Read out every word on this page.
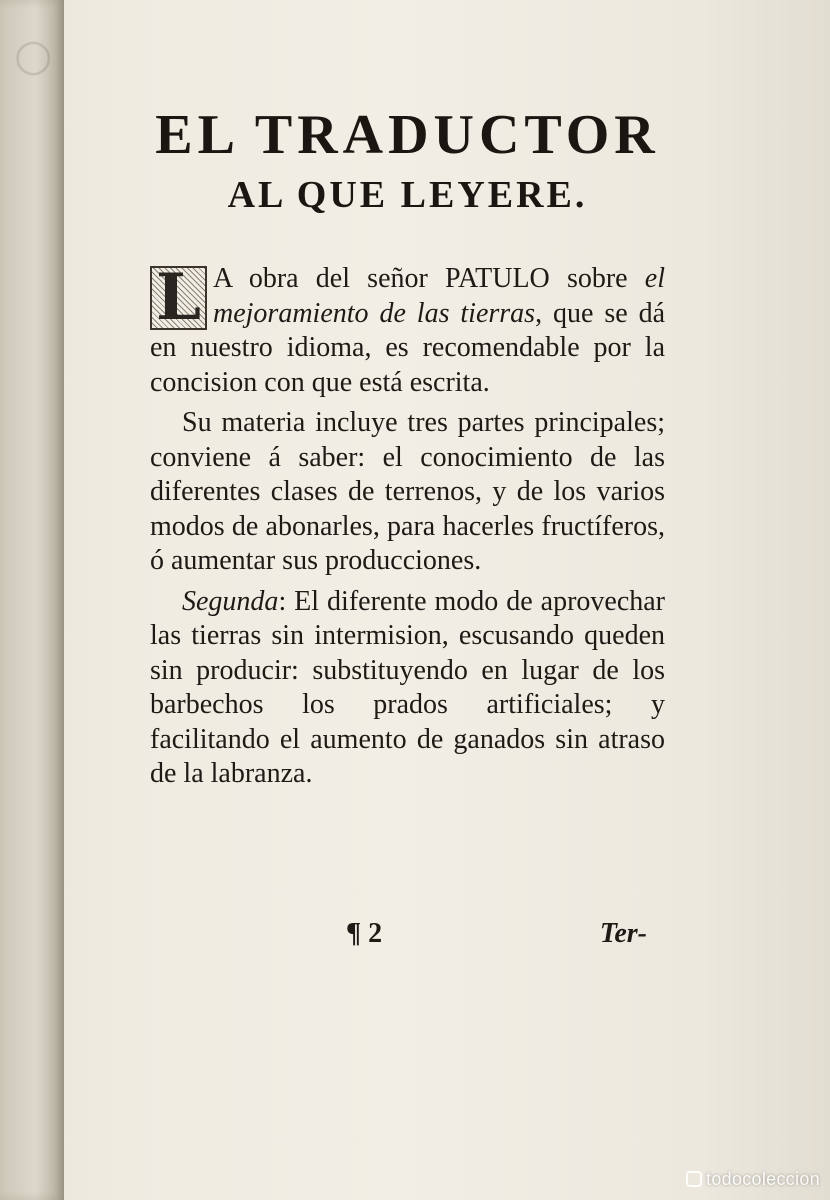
○
EL TRADUCTOR
AL QUE LEYERE.

L A obra del señor PATULO sobre el mejoramiento de las tierras, que se dá en nuestro idioma, es recomendable por la concision con que está escrita.

Su materia incluye tres partes principales; conviene á saber: el conocimiento de las diferentes clases de terrenos, y de los varios modos de abonarles, para hacerles fructíferos, ó aumentar sus producciones.

Segunda: El diferente modo de aprovechar las tierras sin intermision, escusando queden sin producir: substituyendo en lugar de los barbechos los prados artificiales; y facilitando el aumento de ganados sin atraso de la labranza.

¶ 2	Ter-
todocoleccion
